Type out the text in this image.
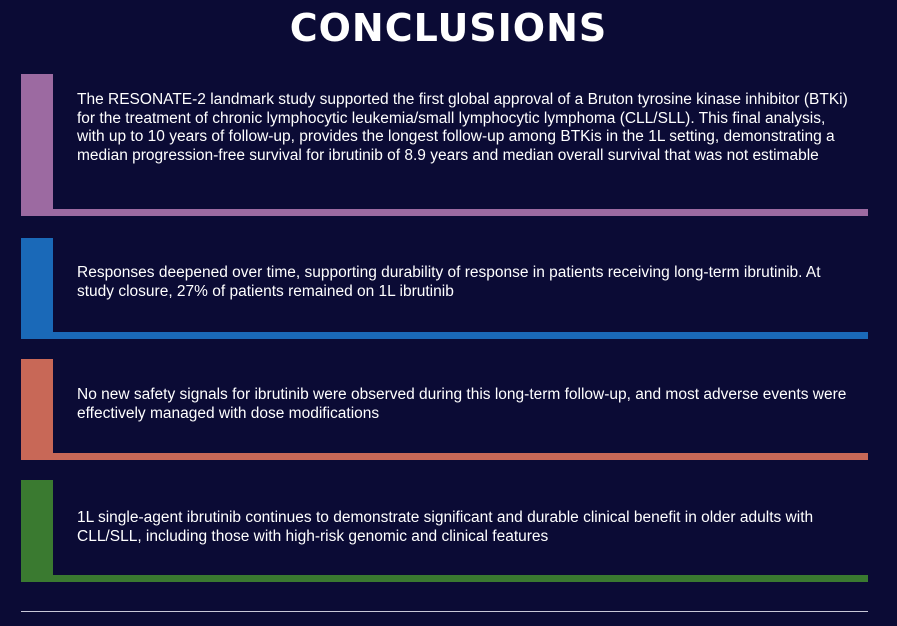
CONCLUSIONS
The RESONATE-2 landmark study supported the first global approval of a Bruton tyrosine kinase inhibitor (BTKi) for the treatment of chronic lymphocytic leukemia/small lymphocytic lymphoma (CLL/SLL). This final analysis, with up to 10 years of follow-up, provides the longest follow-up among BTKis in the 1L setting, demonstrating a median progression-free survival for ibrutinib of 8.9 years and median overall survival that was not estimable
Responses deepened over time, supporting durability of response in patients receiving long-term ibrutinib. At study closure, 27% of patients remained on 1L ibrutinib
No new safety signals for ibrutinib were observed during this long-term follow-up, and most adverse events were effectively managed with dose modifications
1L single-agent ibrutinib continues to demonstrate significant and durable clinical benefit in older adults with CLL/SLL, including those with high-risk genomic and clinical features
